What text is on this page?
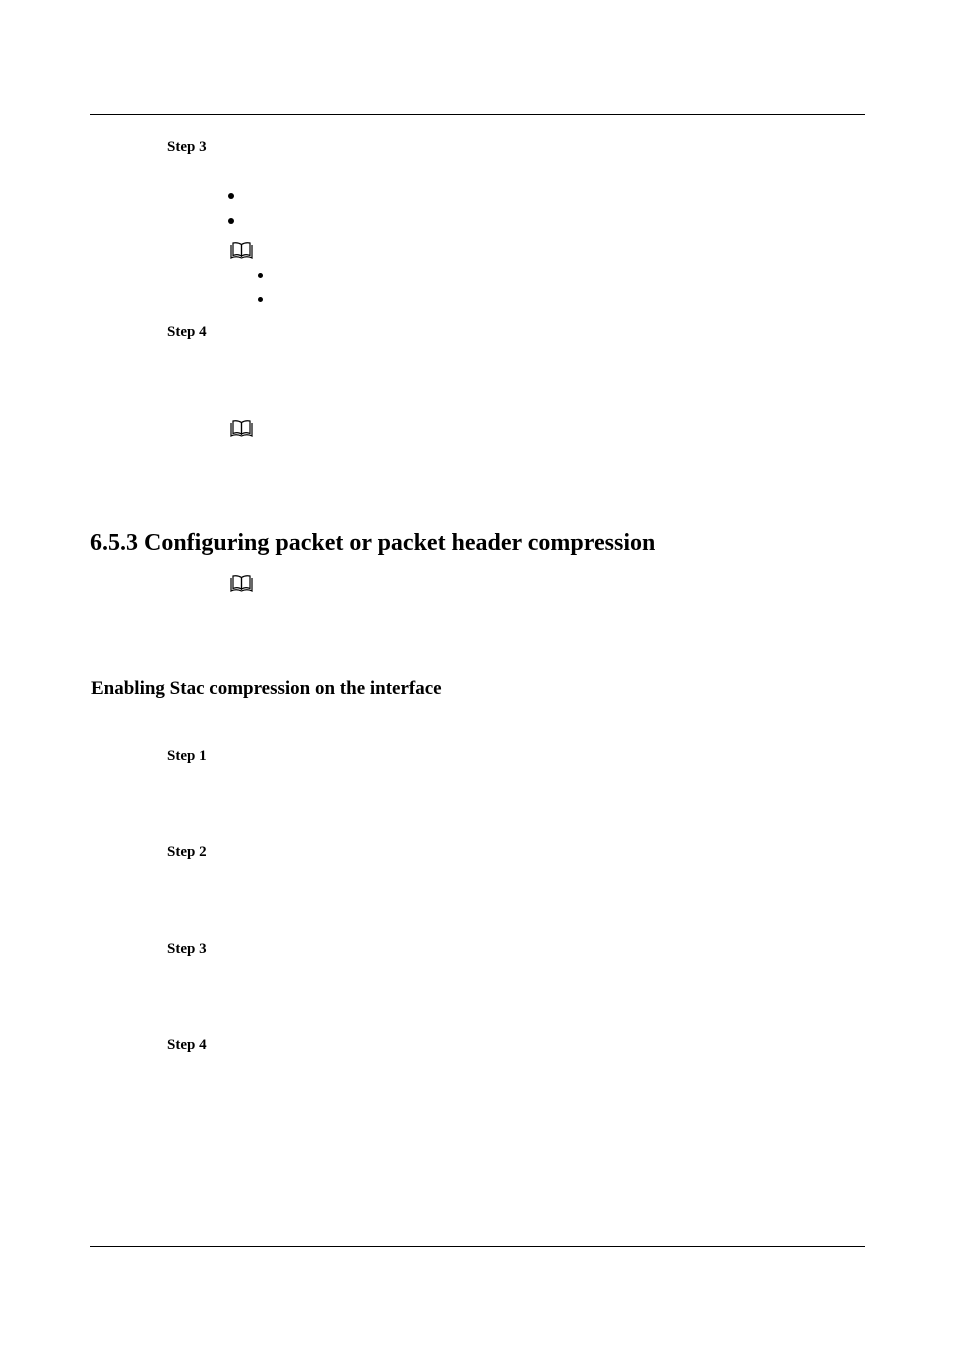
Step 3
Step 4
6.5.3 Configuring packet or packet header compression
Enabling Stac compression on the interface
Step 1
Step 2
Step 3
Step 4
